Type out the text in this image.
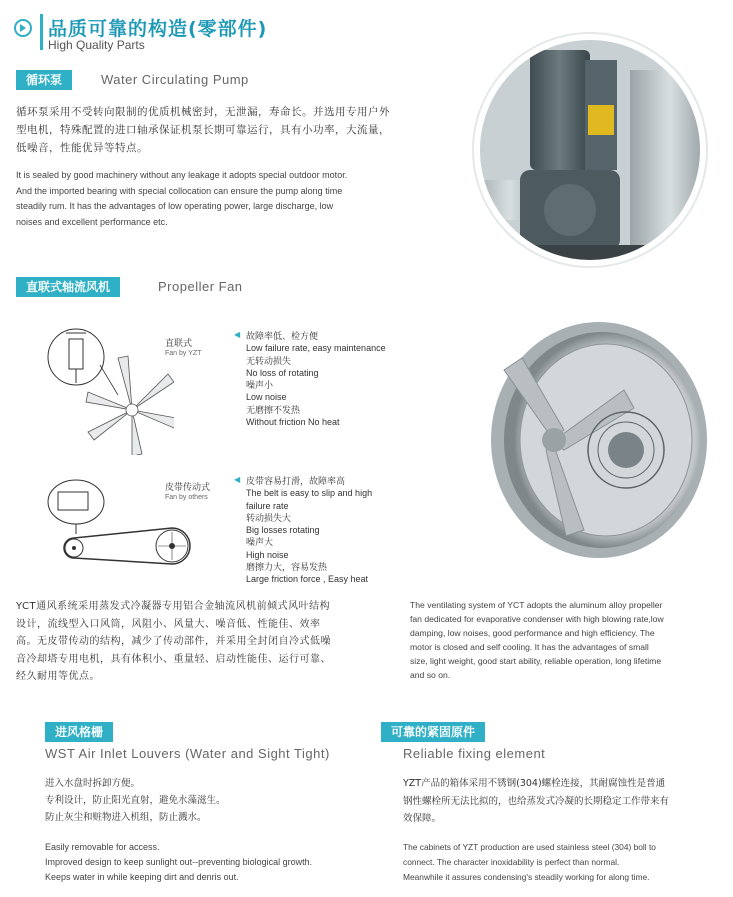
品质可靠的构造(零部件)
High Quality Parts
循环泵	Water Circulating Pump
循环泵采用不受转向限制的优质机械密封，无泄漏，寿命长。并选用专用户外
型电机，特殊配置的进口轴承保证机泵长期可靠运行，具有小功率，大流量，
低噪音，性能优异等特点。
It is sealed by good machinery without any leakage it adopts special outdoor motor.
And the imported bearing with special collocation can ensure the pump along time
steadily rum. It has the advantages of low operating power, large discharge, low
noises and excellent performance etc.
直联式轴流风机	Propeller Fan
直联式
Fan by YZT
◀ 故障率低、检方便
Low failure rate, easy maintenance
无转动损失
No loss of rotating
噪声小
Low noise
无磨擦不发热
Without friction No heat
皮带传动式
Fan by others
◀ 皮带容易打滑，故障率高
The belt is easy to slip and high
failure rate
转动损失大
Big losses rotating
噪声大
High noise
磨擦力大，容易发热
Large friction force , Easy heat
YCT通风系统采用蒸发式冷凝器专用铝合金轴流风机前倾式风叶结构
设计，流线型入口风筒，风阻小、风量大、噪音低、性能佳、效率
高。无皮带传动的结构，减少了传动部件，并采用全封闭自冷式低噪
音冷却塔专用电机，具有体积小、重量轻、启动性能佳、运行可靠、
经久耐用等优点。
The ventilating system of YCT adopts the aluminum alloy propeller
fan dedicated for evaporative condenser with high blowing rate,low
damping, low noises, good performance and high efficiency. The
motor is closed and self cooling. It has the advantages of small
size, light weight, good start ability, reliable operation, long lifetime
and so on.
进风格栅
WST Air Inlet Louvers (Water and Sight Tight)
进入水盘时拆卸方便。
专利设计，防止阳光直射，避免水藻滋生。
防止灰尘和赃物进入机组，防止溅水。
Easily removable for access.
Improved design to keep sunlight out--preventing biological growth.
Keeps water in while keeping dirt and denris out.
可靠的紧固原件
Reliable fixing element
YZT产品的箱体采用不锈钢(304)螺栓连接，其耐腐蚀性是普通
钢性螺栓所无法比拟的，也给蒸发式冷凝的长期稳定工作带来有
效保障。
The cabinets of YZT production are used stainless steel (304) boll to
connect. The character inoxidability is perfect than normal.
Meanwhile it assures condensing's steadily working for along time.
